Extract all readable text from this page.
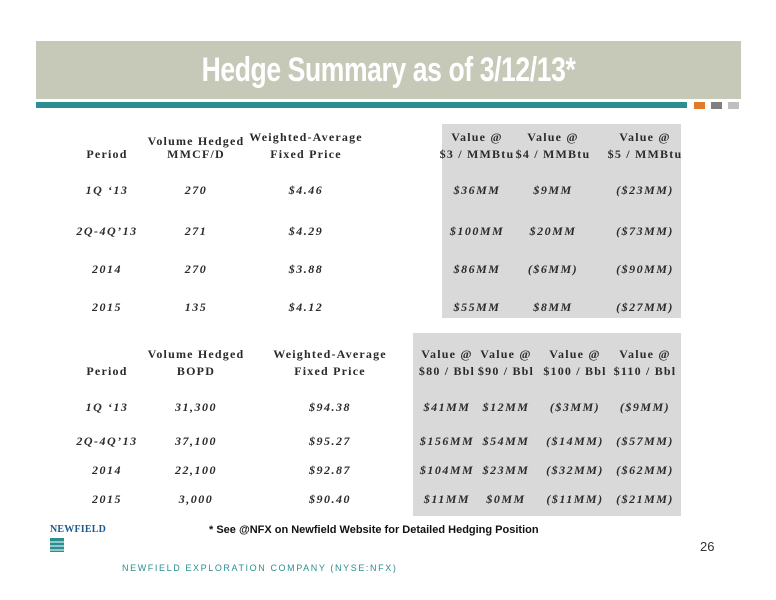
Hedge Summary as of 3/12/13*
Period
Volume Hedged
MMCF/D
Weighted-Average
Fixed Price
Value @
$3 / MMBtu
Value @
$4 / MMBtu
Value @
$5 / MMBtu
1Q ‘13	270	$4.46	$36MM	$9MM	($23MM)
2Q-4Q’13	271	$4.29	$100MM	$20MM	($73MM)
2014	270	$3.88	$86MM	($6MM)	($90MM)
2015	135	$4.12	$55MM	$8MM	($27MM)
Period
Volume Hedged
BOPD
Weighted-Average
Fixed Price
Value @
$80 / Bbl
Value @
$90 / Bbl
Value @
$100 / Bbl
Value @
$110 / Bbl
1Q ‘13	31,300	$94.38	$41MM	$12MM	($3MM)	($9MM)
2Q-4Q’13	37,100	$95.27	$156MM $54MM	($14MM)	($57MM)
2014	22,100	$92.87	$104MM $23MM	($32MM)	($62MM)
2015	3,000	$90.40	$11MM	$0MM	($11MM)	($21MM)
* See @NFX on Newfield Website for Detailed Hedging Position
NEWFIELD
NEWFIELD EXPLORATION COMPANY (NYSE:NFX)
26
